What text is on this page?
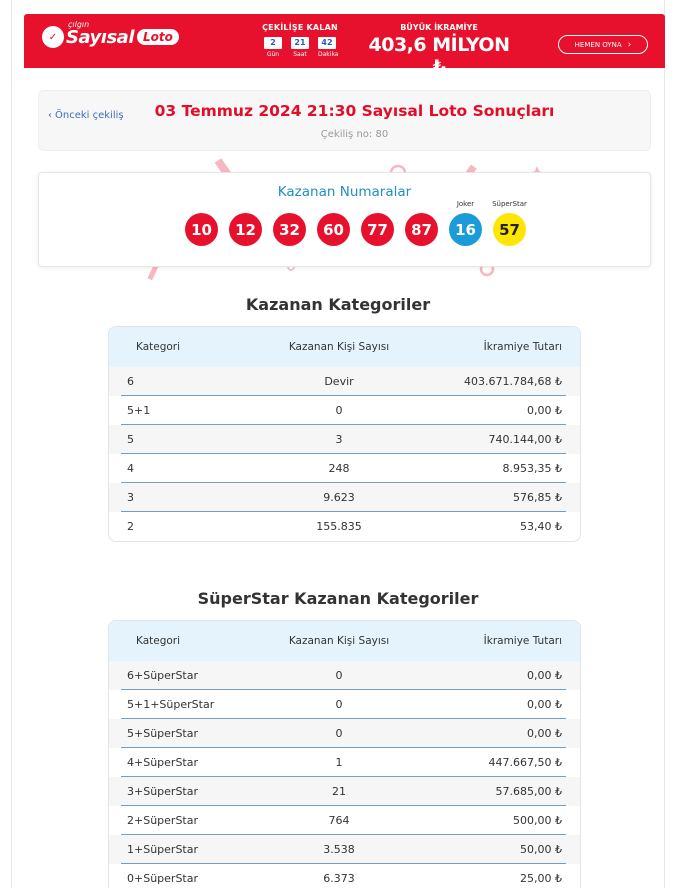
✓
çılgın
Sayısal Loto
ÇEKİLİŞE KALAN
2
Gün
21
Saat
42
Dakika
BÜYÜK İKRAMİYE
403,6 MİLYON ₺
HEMEN OYNA ›
‹ Önceki çekiliş	03 Temmuz 2024 21:30 Sayısal Loto Sonuçları
Çekiliş no: 80
Kazanan Numaralar
10	12	32	60	77	87
Joker
16
SüperStar
57
Kazanan Kategoriler
Kategori	Kazanan Kişi Sayısı	İkramiye Tutarı
6	Devir	403.671.784,68 ₺
5+1	0	0,00 ₺
5	3	740.144,00 ₺
4	248	8.953,35 ₺
3	9.623	576,85 ₺
2	155.835	53,40 ₺
SüperStar Kazanan Kategoriler
Kategori	Kazanan Kişi Sayısı	İkramiye Tutarı
6+SüperStar	0	0,00 ₺
5+1+SüperStar	0	0,00 ₺
5+SüperStar	0	0,00 ₺
4+SüperStar	1	447.667,50 ₺
3+SüperStar	21	57.685,00 ₺
2+SüperStar	764	500,00 ₺
1+SüperStar	3.538	50,00 ₺
0+SüperStar	6.373	25,00 ₺
